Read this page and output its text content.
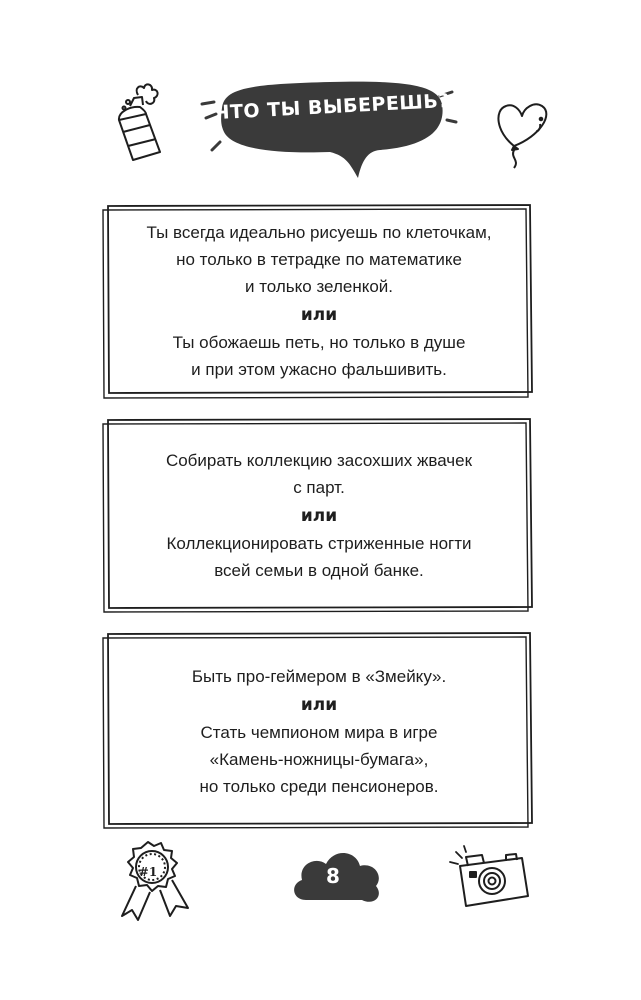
ЧТО ТЫ ВЫБЕРЕШЬ?
Ты всегда идеально рисуешь по клеточкам,
но только в тетрадке по математике
и только зеленкой.
или
Ты обожаешь петь, но только в душе
и при этом ужасно фальшивить.
Собирать коллекцию засохших жвачек
с парт.
или
Коллекционировать стриженные ногти
всей семьи в одной банке.
Быть про-геймером в «Змейку».
или
Стать чемпионом мира в игре
«Камень-ножницы-бумага»,
но только среди пенсионеров.
#1	8
